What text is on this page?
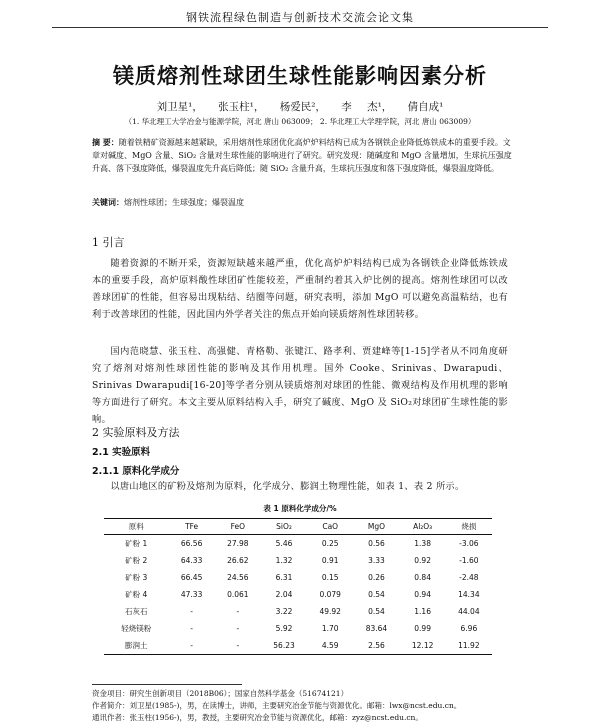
钢铁流程绿色制造与创新技术交流会论文集
镁质熔剂性球团生球性能影响因素分析
刘卫星¹， 张玉柱¹， 杨爱民²， 李 杰¹， 倩自成¹
（1. 华北理工大学冶金与能源学院，河北 唐山 063009； 2. 华北理工大学理学院，河北 唐山 063009）
摘 要：随着铁精矿资源越来越紧缺，采用熔剂性球团优化高炉炉料结构已成为各钢铁企业降低炼铁成本的重要手段。文章对碱度、MgO 含量、SiO₂ 含量对生球性能的影响进行了研究。研究发现：随碱度和 MgO 含量增加，生球抗压强度升高、落下强度降低，爆裂温度先升高后降低；随 SiO₂ 含量升高，生球抗压强度和落下强度降低，爆裂温度降低。
关键词：熔剂性球团；生球强度；爆裂温度
1 引言
随着资源的不断开采，资源短缺越来越严重，优化高炉炉料结构已成为各钢铁企业降低炼铁成本的重要手段，高炉原料酸性球团矿性能较差，严重制约着其入炉比例的提高。熔剂性球团可以改善球团矿的性能，但容易出现粘结、结圈等问题，研究表明，添加 MgO 可以避免高温粘结，也有利于改善球团的性能，因此国内外学者关注的焦点开始向镁质熔剂性球团转移。
国内范晓慧、张玉柱、高强健、青格勒、张键江、路孝利、贾建峰等[1-15]学者从不同角度研究了熔剂对熔剂性球团性能的影响及其作用机理。国外 Cooke、Srinivas、Dwarapudi、Srinivas Dwarapudi[16-20]等学者分别从镁质熔剂对球团的性能、微观结构及作用机理的影响等方面进行了研究。本文主要从原料结构入手，研究了碱度、MgO 及 SiO₂对球团矿生球性能的影响。
2 实验原料及方法
2.1 实验原料
2.1.1 原料化学成分
以唐山地区的矿粉及熔剂为原料，化学成分、膨润土物理性能，如表 1、表 2 所示。
表 1 原料化学成分/%
原料	TFe	FeO	SiO₂	CaO	MgO	Al₂O₃	烧损
矿粉 1	66.56	27.98	5.46	0.25	0.56	1.38	-3.06
矿粉 2	64.33	26.62	1.32	0.91	3.33	0.92	-1.60
矿粉 3	66.45	24.56	6.31	0.15	0.26	0.84	-2.48
矿粉 4	47.33	0.061	2.04	0.079	0.54	0.94	14.34
石灰石	-	-	3.22	49.92	0.54	1.16	44.04
轻烧镁粉	-	-	5.92	1.70	83.64	0.99	6.96
膨润土	-	-	56.23	4.59	2.56	12.12	11.92
资金项目：研究生创新项目（2018B06）；国家自然科学基金（51674121）
作者简介：刘卫星(1985-)，男，在读博士，讲师，主要研究冶金节能与资源优化。邮箱：lwx@ncst.edu.cn。
通讯作者：张玉柱(1956-)，男，教授，主要研究冶金节能与资源优化，邮箱：zyz@ncst.edu.cn。
